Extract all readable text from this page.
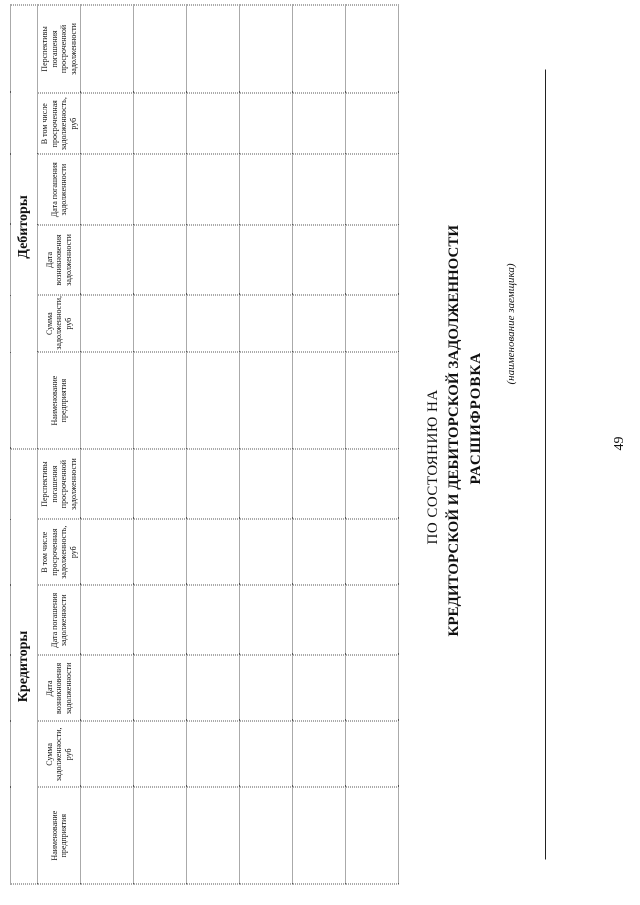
49
(наименование заемщика)
РАСШИФРОВКА
КРЕДИТОРСКОЙ И ДЕБИТОРСКОЙ ЗАДОЛЖЕННОСТИ
ПО СОСТОЯНИЮ НА
Кредиторы						Дебиторы					
Наименование предприятия	Сумма задолженности, руб	Дата возникновения задолженности	Дата погашения задолженности	В том числе просроченная задолженность, руб	Перспективы погашения просроченной задолженности	Наименование предприятия	Сумма задолженности, руб	Дата возникновения задолженности	Дата погашения задолженности	В том числе просроченная задолженность, руб	Перспективы погашения просроченной задолженности
